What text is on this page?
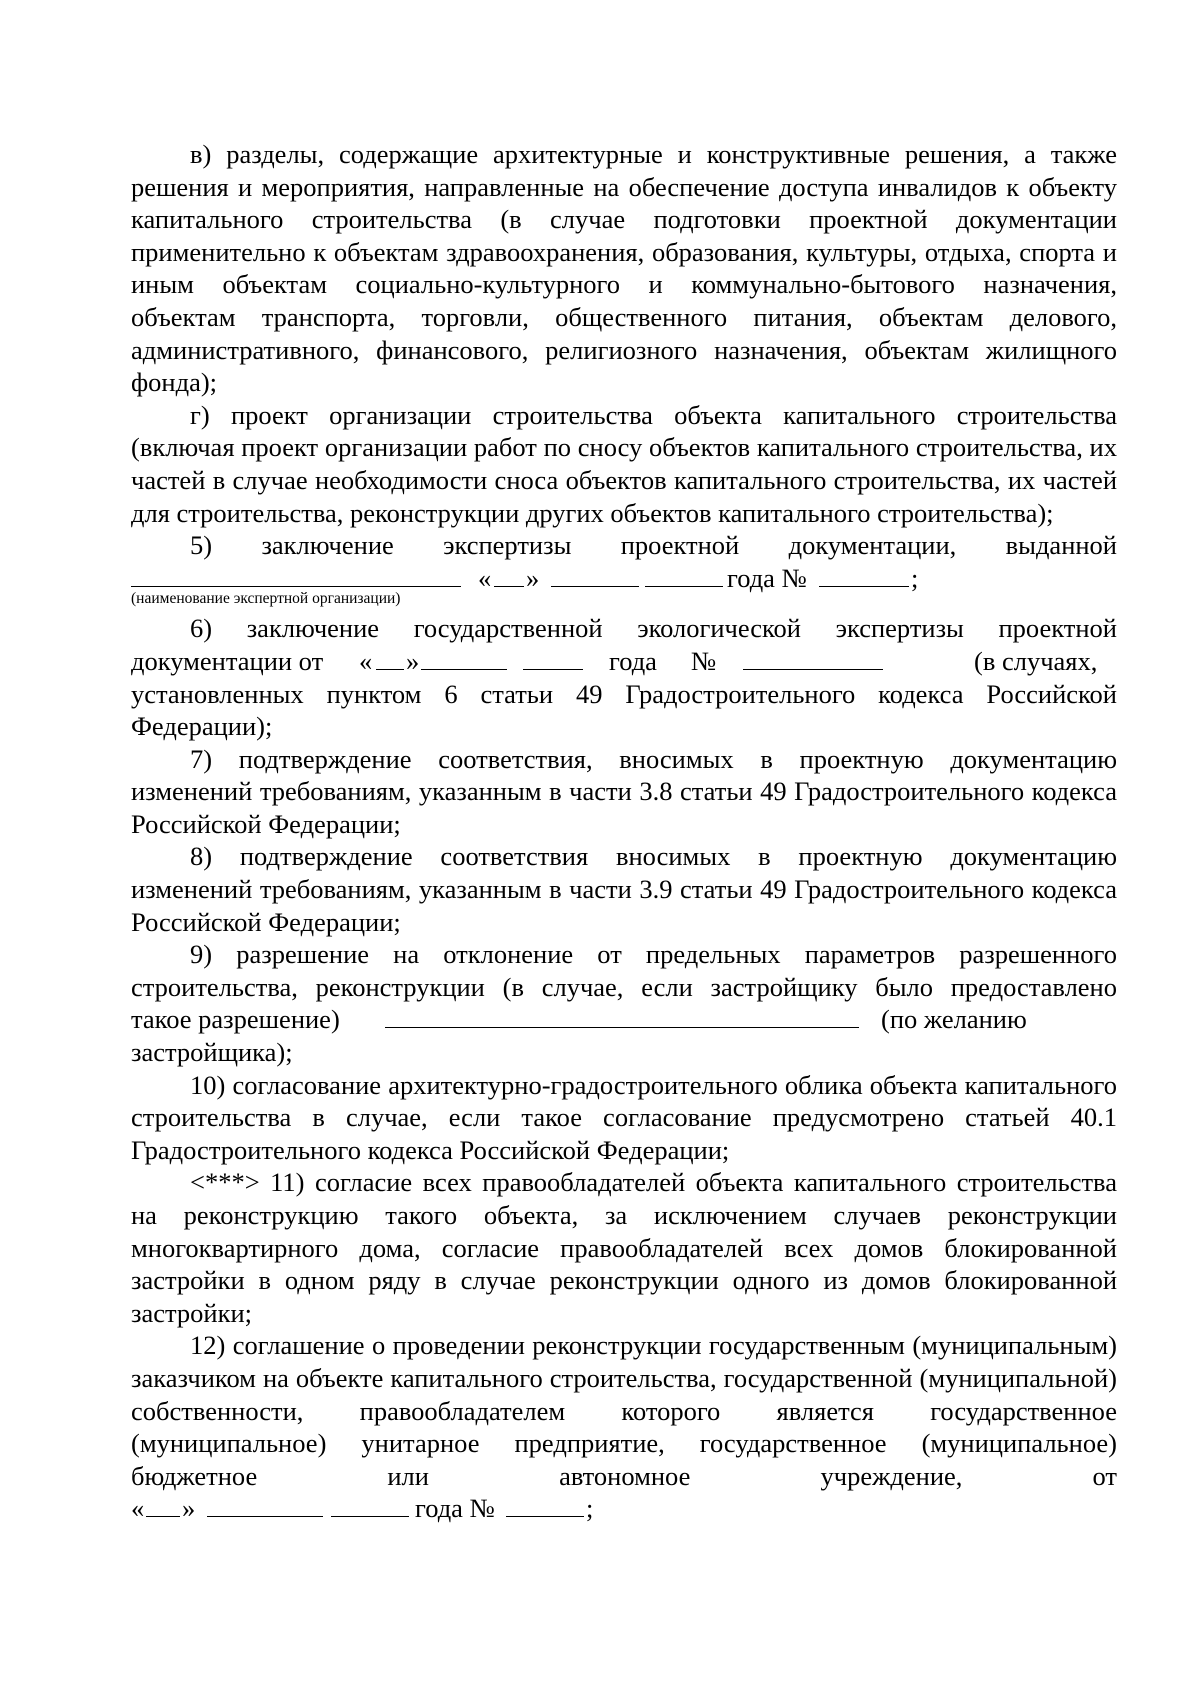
в) разделы, содержащие архитектурные и конструктивные решения, а также решения и мероприятия, направленные на обеспечение доступа инвалидов к объекту капитального строительства (в случае подготовки проектной документации применительно к объектам здравоохранения, образования, культуры, отдыха, спорта и иным объектам социально-культурного и коммунально-бытового назначения, объектам транспорта, торговли, общественного питания, объектам делового, административного, финансового, религиозного назначения, объектам жилищного фонда);

г) проект организации строительства объекта капитального строительства (включая проект организации работ по сносу объектов капитального строительства, их частей в случае необходимости сноса объектов капитального строительства, их частей для строительства, реконструкции других объектов капитального строительства);

5) заключение экспертизы проектной документации, выданной

« »	года №	;
(наименование экспертной организации)

6) заключение государственной экологической экспертизы проектной

документации от « »	года №	(в случаях,

установленных пунктом 6 статьи 49 Градостроительного кодекса Российской Федерации);

7) подтверждение соответствия, вносимых в проектную документацию изменений требованиям, указанным в части 3.8 статьи 49 Градостроительного кодекса Российской Федерации;

8) подтверждение соответствия вносимых в проектную документацию изменений требованиям, указанным в части 3.9 статьи 49 Градостроительного кодекса Российской Федерации;

9) разрешение на отклонение от предельных параметров разрешенного строительства, реконструкции (в случае, если застройщику было предоставлено

такое разрешение)	(по желанию

застройщика);

10) согласование архитектурно-градостроительного облика объекта капитального строительства в случае, если такое согласование предусмотрено статьей 40.1 Градостроительного кодекса Российской Федерации;

<***> 11) согласие всех правообладателей объекта капитального строительства на реконструкцию такого объекта, за исключением случаев реконструкции многоквартирного дома, согласие правообладателей всех домов блокированной застройки в одном ряду в случае реконструкции одного из домов блокированной застройки;

12) соглашение о проведении реконструкции государственным (муниципальным) заказчиком на объекте капитального строительства, государственной (муниципальной) собственности, правообладателем которого является государственное (муниципальное) унитарное предприятие, государственное (муниципальное) бюджетное или автономное учреждение, от

« »	года №	;
